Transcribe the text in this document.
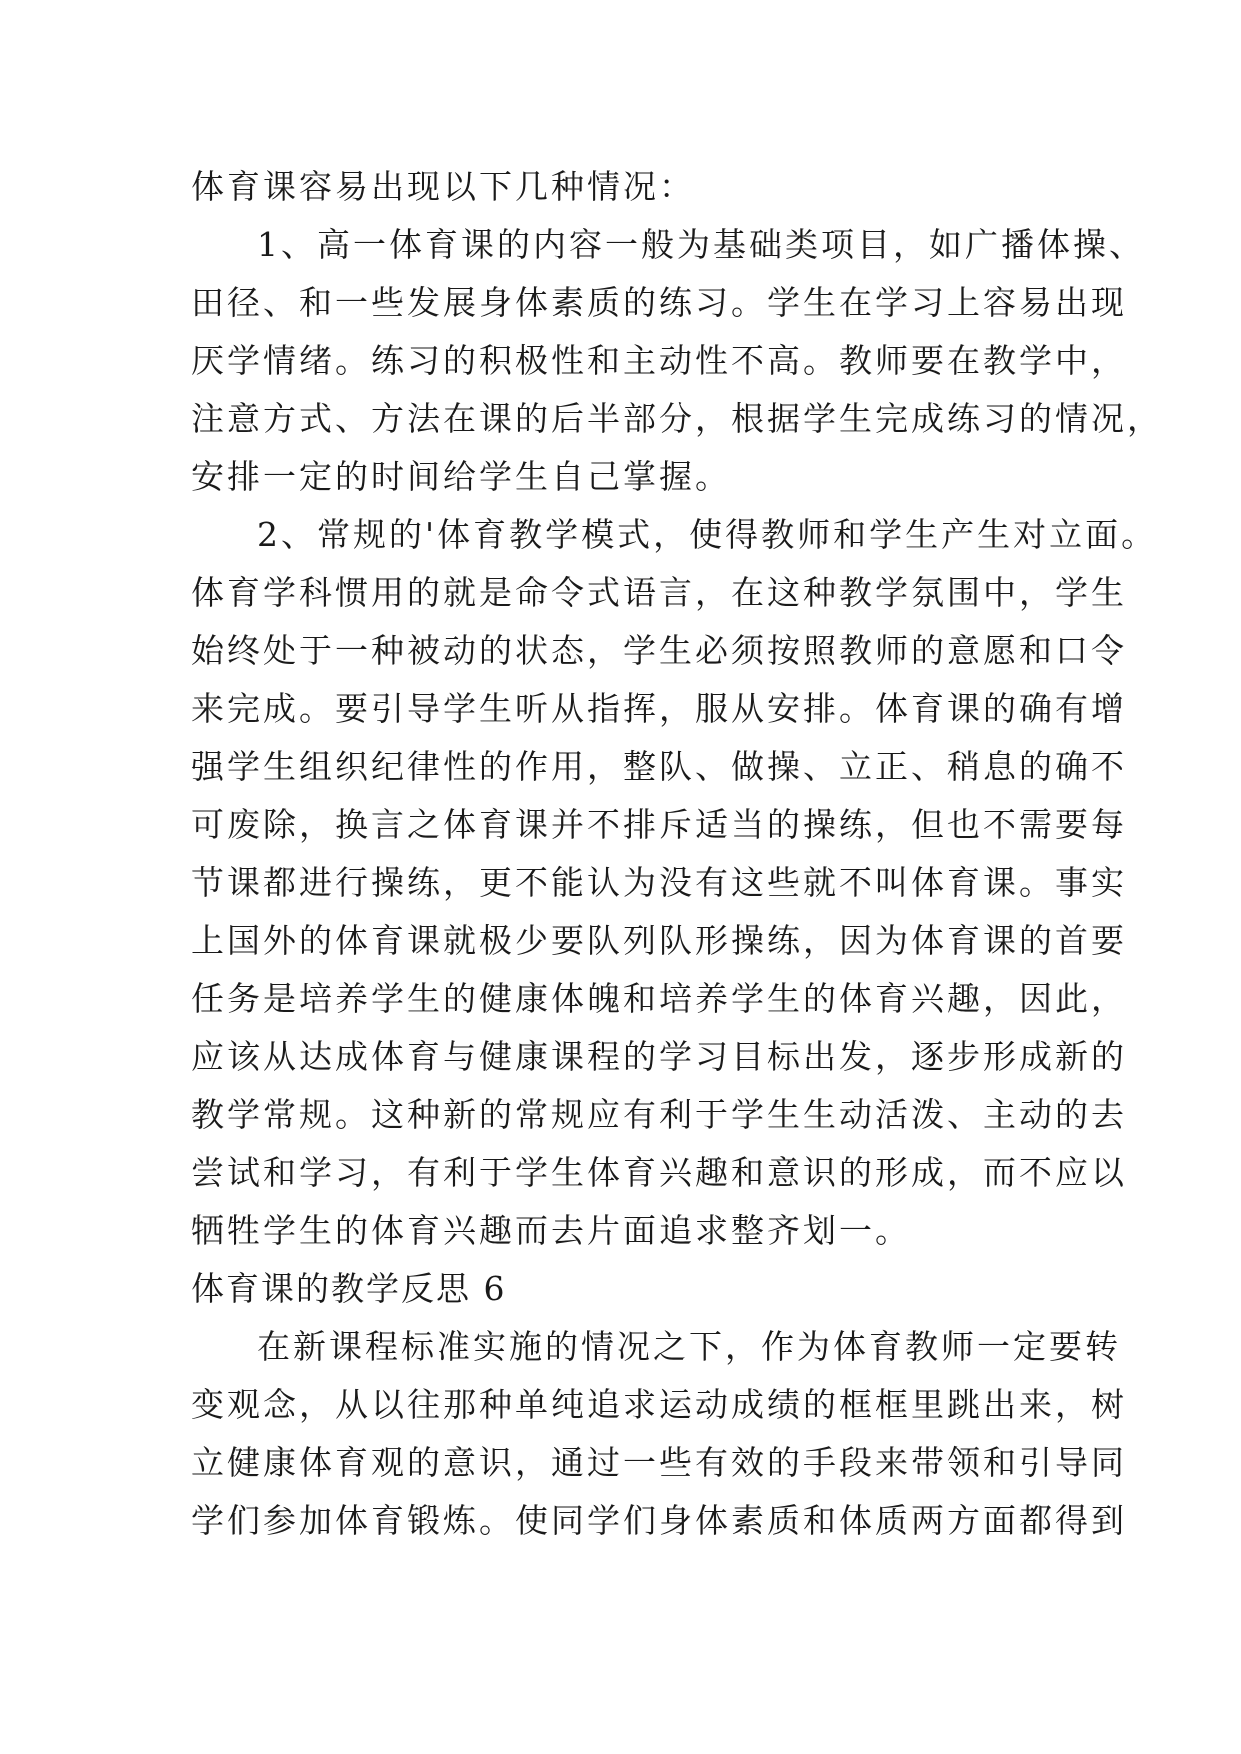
体育课容易出现以下几种情况：
1、高一体育课的内容一般为基础类项目，如广播体操、
田径、和一些发展身体素质的练习。学生在学习上容易出现
厌学情绪。练习的积极性和主动性不高。教师要在教学中，
注意方式、方法在课的后半部分，根据学生完成练习的情况，
安排一定的时间给学生自己掌握。
2、常规的'体育教学模式，使得教师和学生产生对立面。
体育学科惯用的就是命令式语言，在这种教学氛围中，学生
始终处于一种被动的状态，学生必须按照教师的意愿和口令
来完成。要引导学生听从指挥，服从安排。体育课的确有增
强学生组织纪律性的作用，整队、做操、立正、稍息的确不
可废除，换言之体育课并不排斥适当的操练，但也不需要每
节课都进行操练，更不能认为没有这些就不叫体育课。事实
上国外的体育课就极少要队列队形操练，因为体育课的首要
任务是培养学生的健康体魄和培养学生的体育兴趣，因此，
应该从达成体育与健康课程的学习目标出发，逐步形成新的
教学常规。这种新的常规应有利于学生生动活泼、主动的去
尝试和学习，有利于学生体育兴趣和意识的形成，而不应以
牺牲学生的体育兴趣而去片面追求整齐划一。
体育课的教学反思 6
在新课程标准实施的情况之下，作为体育教师一定要转
变观念，从以往那种单纯追求运动成绩的框框里跳出来，树
立健康体育观的意识，通过一些有效的手段来带领和引导同
学们参加体育锻炼。使同学们身体素质和体质两方面都得到
